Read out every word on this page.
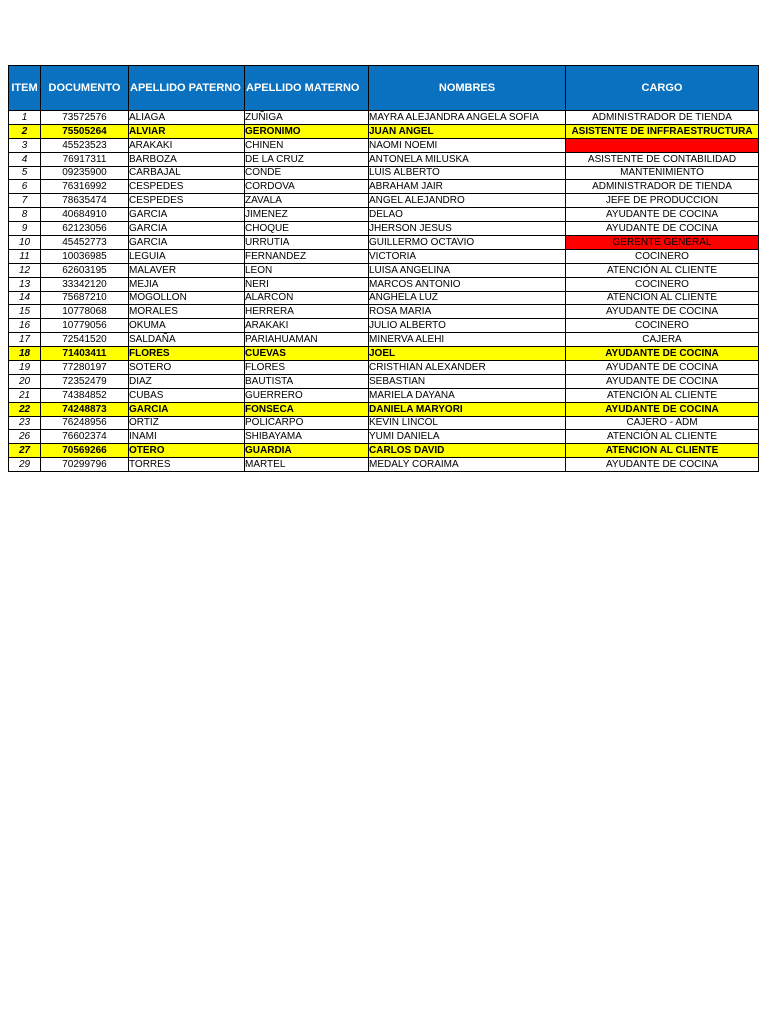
ITEM	DOCUMENTO	APELLIDO PATERNO	APELLIDO MATERNO	NOMBRES	CARGO
1	73572576	ALIAGA	ZUÑIGA	MAYRA ALEJANDRA ANGELA SOFIA	ADMINISTRADOR DE TIENDA
2	75505264	ALVIAR	GERONIMO	JUAN ANGEL	ASISTENTE DE INFFRAESTRUCTURA
3	45523523	ARAKAKI	CHINEN	NAOMI NOEMI	
4	76917311	BARBOZA	DE LA CRUZ	ANTONELA MILUSKA	ASISTENTE DE CONTABILIDAD
5	09235900	CARBAJAL	CONDE	LUIS ALBERTO	MANTENIMIENTO
6	76316992	CESPEDES	CORDOVA	ABRAHAM JAIR	ADMINISTRADOR DE TIENDA
7	78635474	CESPEDES	ZAVALA	ANGEL ALEJANDRO	JEFE DE PRODUCCION
8	40684910	GARCIA	JIMENEZ	DELAO	AYUDANTE DE COCINA
9	62123056	GARCIA	CHOQUE	JHERSON JESUS	AYUDANTE DE COCINA
10	45452773	GARCIA	URRUTIA	GUILLERMO OCTAVIO	GERENTE GENERAL
11	10036985	LEGUIA	FERNANDEZ	VICTORIA	COCINERO
12	62603195	MALAVER	LEON	LUISA ANGELINA	ATENCIÓN AL CLIENTE
13	33342120	MEJIA	NERI	MARCOS ANTONIO	COCINERO
14	75687210	MOGOLLON	ALARCON	ANGHELA LUZ	ATENCIÓN AL CLIENTE
15	10778068	MORALES	HERRERA	ROSA MARIA	AYUDANTE DE COCINA
16	10779056	OKUMA	ARAKAKI	JULIO ALBERTO	COCINERO
17	72541520	SALDAÑA	PARIAHUAMAN	MINERVA ALEHI	CAJERA
18	71403411	FLORES	CUEVAS	JOEL	AYUDANTE DE COCINA
19	77280197	SOTERO	FLORES	CRISTHIAN ALEXANDER	AYUDANTE DE COCINA
20	72352479	DIAZ	BAUTISTA	SEBASTIAN	AYUDANTE DE COCINA
21	74384852	CUBAS	GUERRERO	MARIELA DAYANA	ATENCIÓN AL CLIENTE
22	74248873	GARCIA	FONSECA	DANIELA MARYORI	AYUDANTE DE COCINA
23	76248956	ORTIZ	POLICARPO	KEVIN LINCOL	CAJERO - ADM
26	76602374	INAMI	SHIBAYAMA	YUMI DANIELA	ATENCIÓN AL CLIENTE
27	70569266	OTERO	GUARDIA	CARLOS DAVID	ATENCION AL CLIENTE
29	70299796	TORRES	MARTEL	MEDALY CORAIMA	AYUDANTE DE COCINA
